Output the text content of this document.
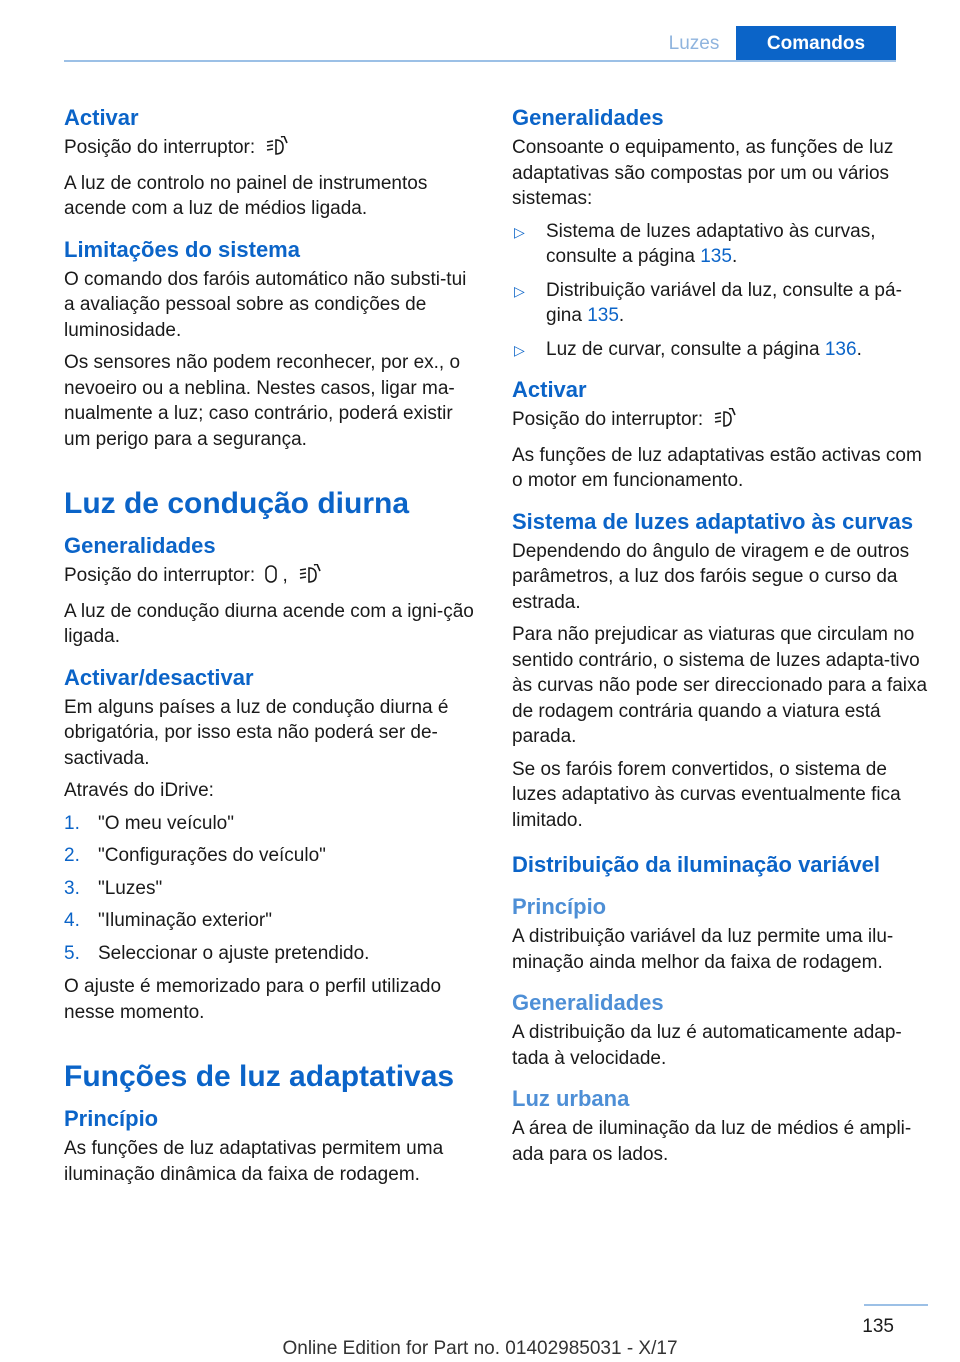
Luzes	Comandos
Activar

Posição do interruptor:

A luz de controlo no painel de instrumentos acende com a luz de médios ligada.

Limitações do sistema

O comando dos faróis automático não substi-tui a avaliação pessoal sobre as condições de luminosidade.

Os sensores não podem reconhecer, por ex., o nevoeiro ou a neblina. Nestes casos, ligar ma-nualmente a luz; caso contrário, poderá existir um perigo para a segurança.

Luz de condução diurna
Generalidades

Posição do interruptor: ,

A luz de condução diurna acende com a igni-ção ligada.

Activar/desactivar

Em alguns países a luz de condução diurna é obrigatória, por isso esta não poderá ser de-sactivada.

Através do iDrive:

1. "O meu veículo"
2. "Configurações do veículo"
3. "Luzes"
4. "Iluminação exterior"
5. Seleccionar o ajuste pretendido.

O ajuste é memorizado para o perfil utilizado nesse momento.

Funções de luz adaptativas
Princípio

As funções de luz adaptativas permitem uma iluminação dinâmica da faixa de rodagem.

Generalidades

Consoante o equipamento, as funções de luz adaptativas são compostas por um ou vários sistemas:

▷ Sistema de luzes adaptativo às curvas, consulte a página 135.
▷ Distribuição variável da luz, consulte a pá-gina 135.
▷ Luz de curvar, consulte a página 136.
Activar

Posição do interruptor:

As funções de luz adaptativas estão activas com o motor em funcionamento.

Sistema de luzes adaptativo às curvas

Dependendo do ângulo de viragem e de outros parâmetros, a luz dos faróis segue o curso da estrada.

Para não prejudicar as viaturas que circulam no sentido contrário, o sistema de luzes adapta-tivo às curvas não pode ser direccionado para a faixa de rodagem contrária quando a viatura está parada.

Se os faróis forem convertidos, o sistema de luzes adaptativo às curvas eventualmente fica limitado.

Distribuição da iluminação variável
Princípio

A distribuição variável da luz permite uma ilu-minação ainda melhor da faixa de rodagem.

Generalidades

A distribuição da luz é automaticamente adap-tada à velocidade.

Luz urbana

A área de iluminação da luz de médios é ampli-ada para os lados.

135
Online Edition for Part no. 01402985031 - X/17
